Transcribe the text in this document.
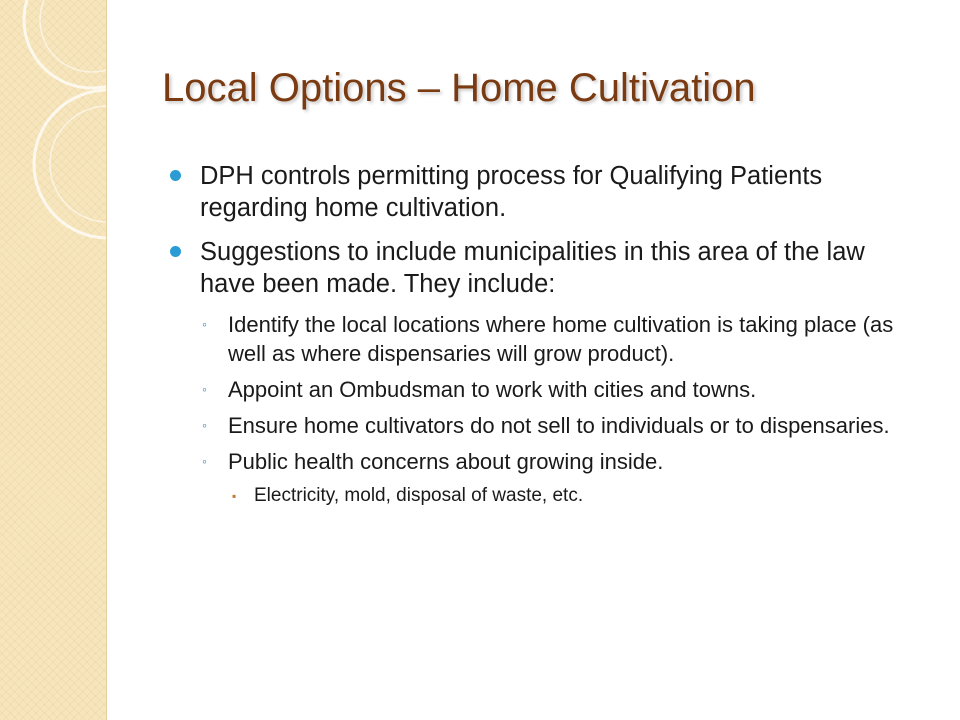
Local Options – Home Cultivation
DPH controls permitting process for Qualifying Patients regarding home cultivation.
Suggestions to include municipalities in this area of the law have been made. They include:
◦ Identify the local locations where home cultivation is taking place (as well as where dispensaries will grow product).
◦ Appoint an Ombudsman to work with cities and towns.
◦ Ensure home cultivators do not sell to individuals or to dispensaries.
◦ Public health concerns about growing inside.
▪ Electricity, mold, disposal of waste, etc.
